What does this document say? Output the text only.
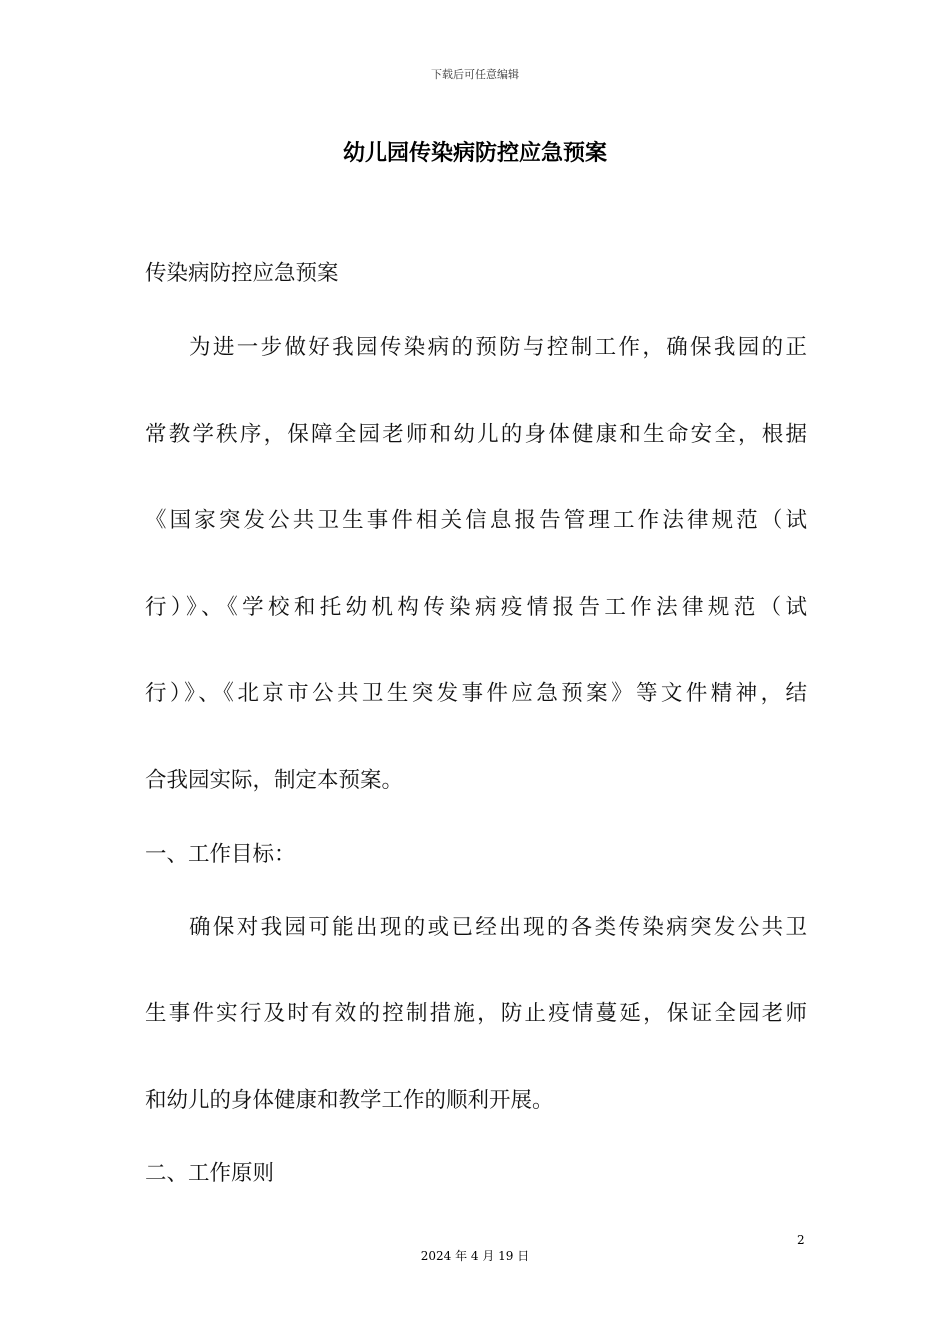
下载后可任意编辑
幼儿园传染病防控应急预案
传染病防控应急预案
为进一步做好我园传染病的预防与控制工作，确保我园的正
常教学秩序，保障全园老师和幼儿的身体健康和生命安全，根据
《国家突发公共卫生事件相关信息报告管理工作法律规范（试
行）》、《学校和托幼机构传染病疫情报告工作法律规范（试
行）》、《北京市公共卫生突发事件应急预案》等文件精神，结
合我园实际，制定本预案。
一、工作目标：
确保对我园可能出现的或已经出现的各类传染病突发公共卫
生事件实行及时有效的控制措施，防止疫情蔓延，保证全园老师
和幼儿的身体健康和教学工作的顺利开展。
二、工作原则
2
2024 年 4 月 19 日
